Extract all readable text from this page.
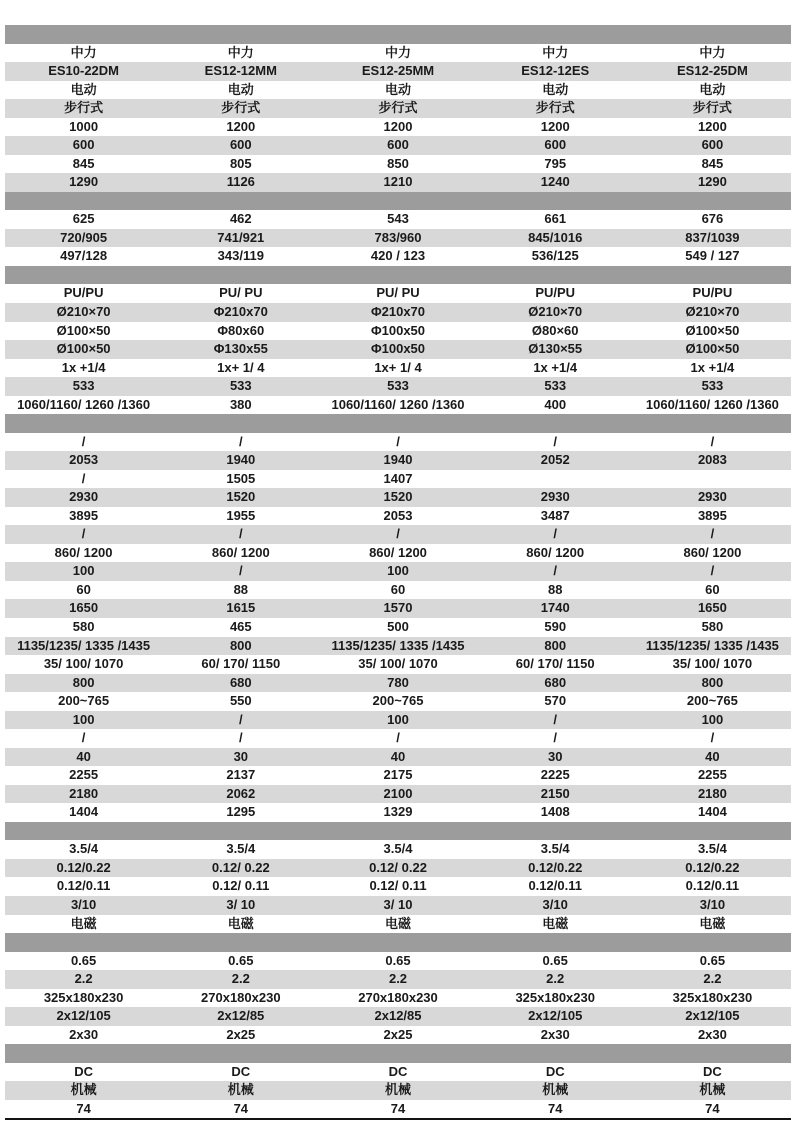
中力	中力	中力	中力	中力
ES10-22DM	ES12-12MM	ES12-25MM	ES12-12ES	ES12-25DM
电动	电动	电动	电动	电动
步行式	步行式	步行式	步行式	步行式
1000	1200	1200	1200	1200
600	600	600	600	600
845	805	850	795	845
1290	1126	1210	1240	1290
625	462	543	661	676
720/905	741/921	783/960	845/1016	837/1039
497/128	343/119	420 / 123	536/125	549 / 127
PU/PU	PU/ PU	PU/ PU	PU/PU	PU/PU
Ø210×70	Φ210x70	Φ210x70	Ø210×70	Ø210×70
Ø100×50	Φ80x60	Φ100x50	Ø80×60	Ø100×50
Ø100×50	Φ130x55	Φ100x50	Ø130×55	Ø100×50
1x +1/4	1x+ 1/ 4	1x+ 1/ 4	1x +1/4	1x +1/4
533	533	533	533	533
1060/1160/ 1260 /1360	380	1060/1160/ 1260 /1360	400	1060/1160/ 1260 /1360
/	/	/	/	/
2053	1940	1940	2052	2083
/	1505	1407
2930	1520	1520	2930	2930
3895	1955	2053	3487	3895
/	/	/	/	/
860/ 1200	860/ 1200	860/ 1200	860/ 1200	860/ 1200
100	/	100	/	/
60	88	60	88	60
1650	1615	1570	1740	1650
580	465	500	590	580
1135/1235/ 1335 /1435	800	1135/1235/ 1335 /1435	800	1135/1235/ 1335 /1435
35/ 100/ 1070	60/ 170/ 1150	35/ 100/ 1070	60/ 170/ 1150	35/ 100/ 1070
800	680	780	680	800
200~765	550	200~765	570	200~765
100	/	100	/	100
/	/	/	/	/
40	30	40	30	40
2255	2137	2175	2225	2255
2180	2062	2100	2150	2180
1404	1295	1329	1408	1404
3.5/4	3.5/4	3.5/4	3.5/4	3.5/4
0.12/0.22	0.12/ 0.22	0.12/ 0.22	0.12/0.22	0.12/0.22
0.12/0.11	0.12/ 0.11	0.12/ 0.11	0.12/0.11	0.12/0.11
3/10	3/ 10	3/ 10	3/10	3/10
电磁	电磁	电磁	电磁	电磁
0.65	0.65	0.65	0.65	0.65
2.2	2.2	2.2	2.2	2.2
325x180x230	270x180x230	270x180x230	325x180x230	325x180x230
2x12/105	2x12/85	2x12/85	2x12/105	2x12/105
2x30	2x25	2x25	2x30	2x30
DC	DC	DC	DC	DC
机械	机械	机械	机械	机械
74	74	74	74	74
